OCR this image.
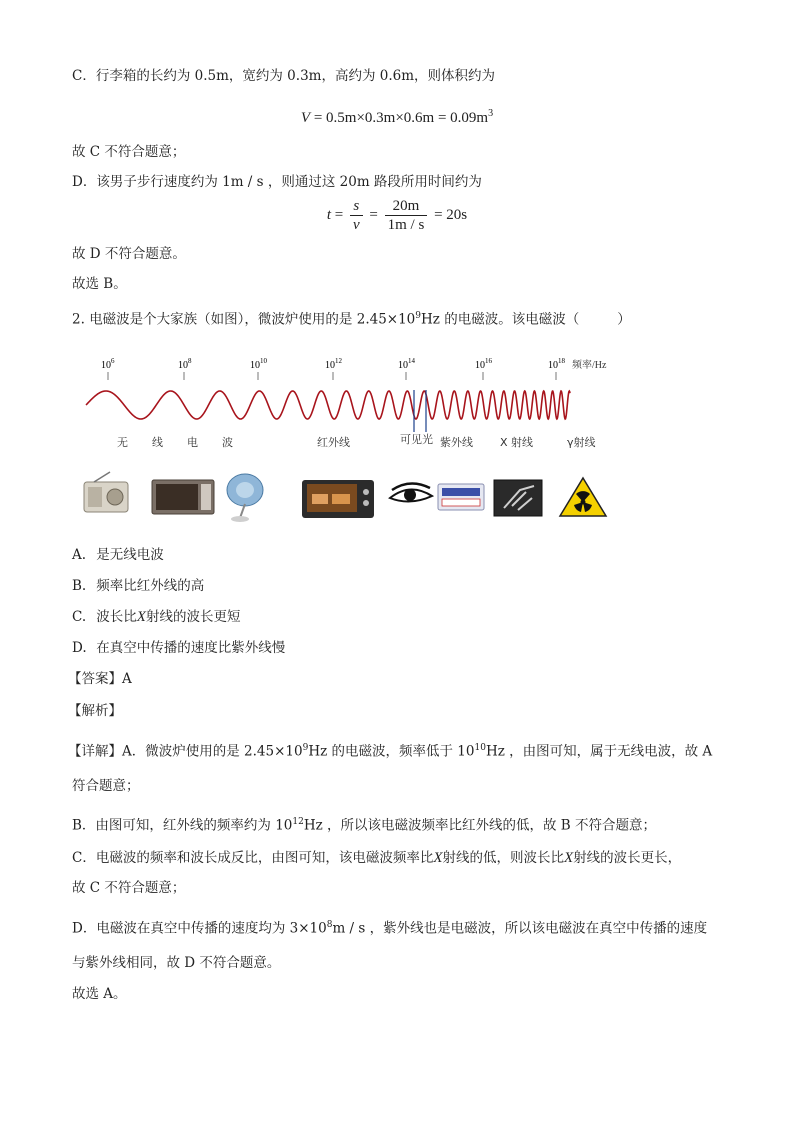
C．行李箱的长约为 0.5m，宽约为 0.3m，高约为 0.6m，则体积约为
$V = 0.5m\times 0.3m\times 0.6m = 0.09m^3$
故 C 不符合题意；
D．该男子步行速度约为 1m / s ，则通过这 20m 路段所用时间约为
$t = \frac{s}{v} = \frac{20m}{1m / s} = 20s$
故 D 不符合题意。
故选 B。
2. 电磁波是个大家族（如图），微波炉使用的是 $2.45\times 10^9Hz$ 的电磁波。该电磁波（	）
$10^6$	$10^8$	$10^{10}$	$10^{12}$	$10^{14}$	$10^{16}$	$10^{18}$ 频率/Hz
无 线 电 波	红外线	可见光 紫外线 X 射线	γ射线
A. 是无线电波
B. 频率比红外线的高
C. 波长比X射线的波长更短
D. 在真空中传播的速度比紫外线慢
【答案】A
【解析】
【详解】A．微波炉使用的是 $2.45\times 10^9Hz$ 的电磁波，频率低于 $10^{10}Hz$ ，由图可知，属于无线电波，故 A
符合题意；
B．由图可知，红外线的频率约为 $10^{12}Hz$ ，所以该电磁波频率比红外线的低，故 B 不符合题意；
C．电磁波的频率和波长成反比，由图可知，该电磁波频率比X射线的低，则波长比X射线的波长更长，
故 C 不符合题意；
D．电磁波在真空中传播的速度均为 $3\times 10^8m / s$ ，紫外线也是电磁波，所以该电磁波在真空中传播的速度
与紫外线相同，故 D 不符合题意。
故选 A。
